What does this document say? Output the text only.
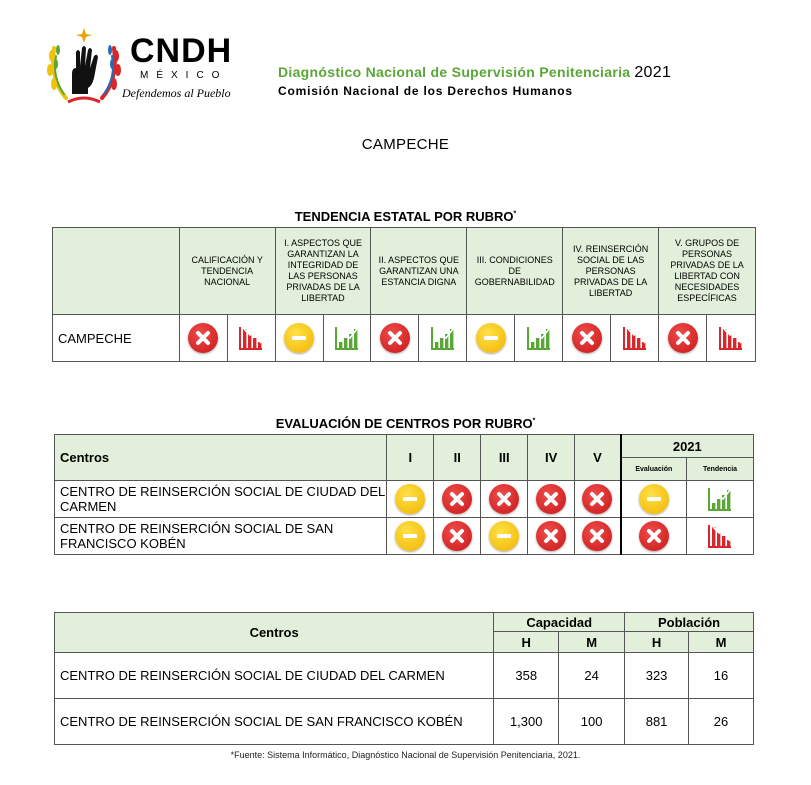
CNDH
MÉXICO
Defendemos al Pueblo
Diagnóstico Nacional de Supervisión Penitenciaria 2021
Comisión Nacional de los Derechos Humanos
CAMPECHE
TENDENCIA ESTATAL POR RUBRO*
	CALIFICACIÓN Y TENDENCIA NACIONAL		I. ASPECTOS QUE GARANTIZAN LA INTEGRIDAD DE LAS PERSONAS PRIVADAS DE LA LIBERTAD		II. ASPECTOS QUE GARANTIZAN UNA ESTANCIA DIGNA		III. CONDICIONES DE GOBERNABILIDAD		IV. REINSERCIÓN SOCIAL DE LAS PERSONAS PRIVADAS DE LA LIBERTAD		V. GRUPOS DE PERSONAS PRIVADAS DE LA LIBERTAD CON NECESIDADES ESPECÍFICAS	
CAMPECHE	

EVALUACIÓN DE CENTROS POR RUBRO*
Centros	I	II	III	IV	V	2021	
						Evaluación	Tendencia
CENTRO DE REINSERCIÓN SOCIAL DE CIUDAD DEL CARMEN	

CENTRO DE REINSERCIÓN SOCIAL DE SAN FRANCISCO KOBÉN	

Centros	Capacidad		Población	
	H	M	H	M
CENTRO DE REINSERCIÓN SOCIAL DE CIUDAD DEL CARMEN	358	24	323	16
CENTRO DE REINSERCIÓN SOCIAL DE SAN FRANCISCO KOBÉN	1,300	100	881	26
*Fuente: Sistema Informático, Diagnóstico Nacional de Supervisión Penitenciaria, 2021.
